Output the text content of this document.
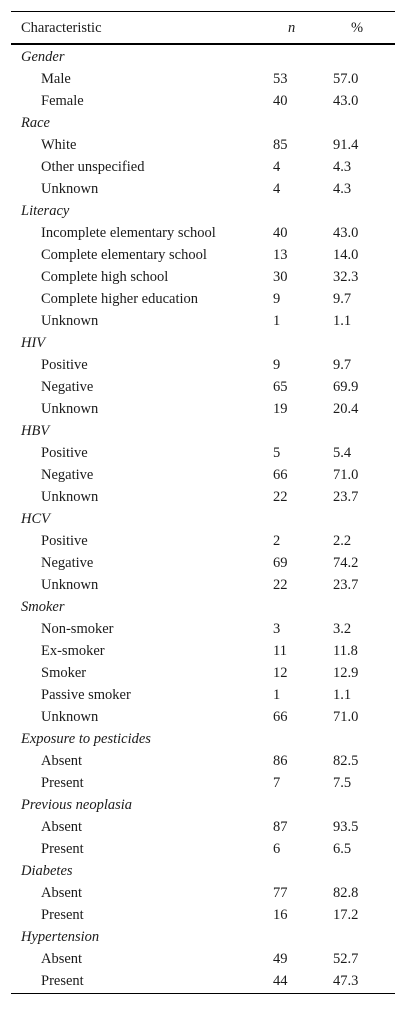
Characteristic	n	%
Gender
Male	53	57.0
Female	40	43.0
Race
White	85	91.4
Other unspecified	4	4.3
Unknown	4	4.3
Literacy
Incomplete elementary school	40	43.0
Complete elementary school	13	14.0
Complete high school	30	32.3
Complete higher education	9	9.7
Unknown	1	1.1
HIV
Positive	9	9.7
Negative	65	69.9
Unknown	19	20.4
HBV
Positive	5	5.4
Negative	66	71.0
Unknown	22	23.7
HCV
Positive	2	2.2
Negative	69	74.2
Unknown	22	23.7
Smoker
Non-smoker	3	3.2
Ex-smoker	11	11.8
Smoker	12	12.9
Passive smoker	1	1.1
Unknown	66	71.0
Exposure to pesticides
Absent	86	82.5
Present	7	7.5
Previous neoplasia
Absent	87	93.5
Present	6	6.5
Diabetes
Absent	77	82.8
Present	16	17.2
Hypertension
Absent	49	52.7
Present	44	47.3
